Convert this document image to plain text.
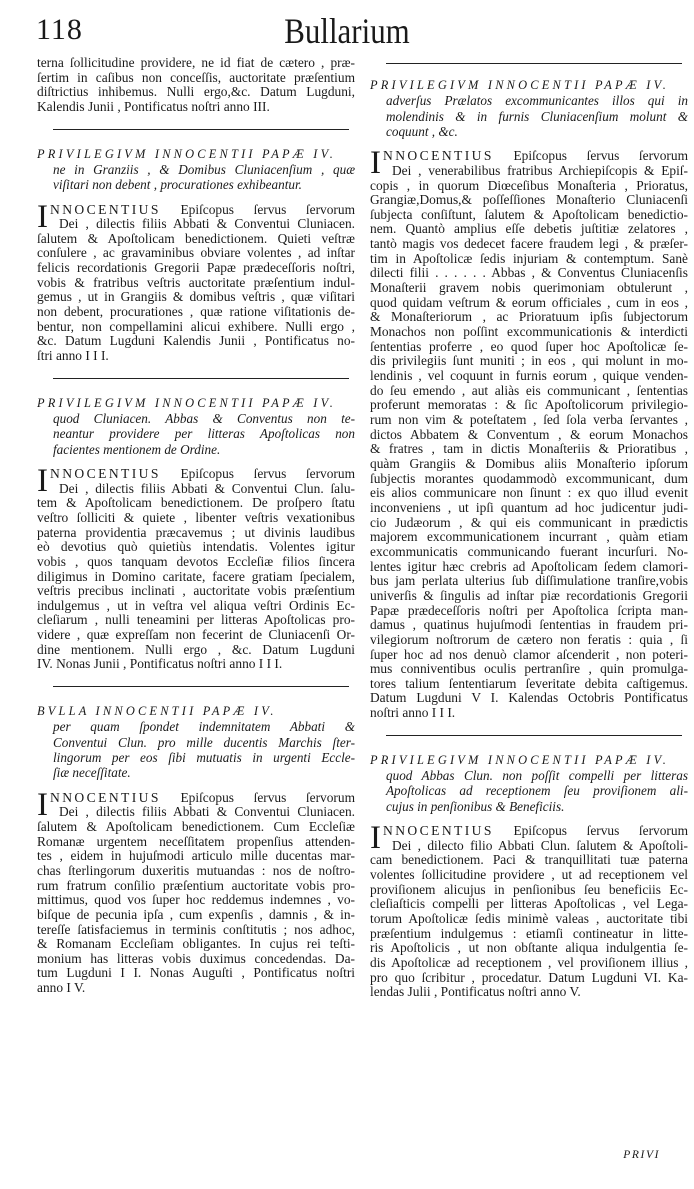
118	Bullarium
terna ſollicitudine providere, ne id fiat de cætero , præ-
ſertim in caſibus non conceſſis, auctoritate præſentium
diſtrictius inhibemus. Nulli ergo,&c. Datum Lugduni,
Kalendis Junii , Pontificatus noſtri anno III.
PRIVILEGIVM INNOCENTII PAPÆ IV.
ne in Granziis , & Domibus Cluniacenſium , quæ
viſitari non debent , procurationes exhibeantur.
INNOCENTIUS Epiſcopus ſervus ſervorum
Dei , dilectis filiis Abbati & Conventui Cluniacen.
ſalutem & Apoſtolicam benedictionem. Quieti veſtræ
conſulere , ac gravaminibus obviare volentes , ad inſtar
felicis recordationis Gregorii Papæ prædeceſſoris noſtri,
vobis & fratribus veſtris auctoritate præſentium indul-
gemus , ut in Grangiis & domibus veſtris , quæ viſitari
non debent, procurationes , quæ ratione viſitationis de-
bentur, non compellamini alicui exhibere. Nulli ergo ,
&c. Datum Lugduni Kalendis Junii , Pontificatus no-
ſtri anno I I I.
PRIVILEGIVM INNOCENTII PAPÆ IV.
quod Cluniacen. Abbas & Conventus non te-
neantur providere per litteras Apoſtolicas non
facientes mentionem de Ordine.
INNOCENTIUS Epiſcopus ſervus ſervorum
Dei , dilectis filiis Abbati & Conventui Clun. ſalu-
tem & Apoſtolicam benedictionem. De proſpero ſtatu
veſtro ſolliciti & quiete , libenter veſtris vexationibus
paterna providentia præcavemus ; ut divinis laudibus
eò devotius quò quietiùs intendatis. Volentes igitur
vobis , quos tanquam devotos Eccleſiæ filios ſincera
diligimus in Domino caritate, facere gratiam ſpecialem,
veſtris precibus inclinati , auctoritate vobis præſentium
indulgemus , ut in veſtra vel aliqua veſtri Ordinis Ec-
cleſiarum , nulli teneamini per litteras Apoſtolicas pro-
videre , quæ expreſſam non fecerint de Cluniacenſi Or-
dine mentionem. Nulli ergo , &c. Datum Lugduni
IV. Nonas Junii , Pontificatus noſtri anno I I I.
BVLLA INNOCENTII PAPÆ IV.
per quam ſpondet indemnitatem Abbati &
Conventui Clun. pro mille ducentis Marchis ſter-
lingorum per eos ſibi mutuatis in urgenti Eccle-
ſiæ neceſſitate.
INNOCENTIUS Epiſcopus ſervus ſervorum
Dei , dilectis filiis Abbati & Conventui Cluniacen.
ſalutem & Apoſtolicam benedictionem. Cum Eccleſiæ
Romanæ urgentem neceſſitatem propenſius attenden-
tes , eidem in hujuſmodi articulo mille ducentas mar-
chas ſterlingorum duxeritis mutuandas : nos de noſtro-
rum fratrum conſilio præſentium auctoritate vobis pro-
mittimus, quod vos ſuper hoc reddemus indemnes , vo-
biſque de pecunia ipſa , cum expenſis , damnis , & in-
tereſſe ſatisfaciemus in terminis conſtitutis ; nos adhoc,
& Romanam Eccleſiam obligantes. In cujus rei teſti-
monium has litteras vobis duximus concedendas. Da-
tum Lugduni I I. Nonas Auguſti , Pontificatus noſtri
anno I V.
PRIVILEGIVM INNOCENTII PAPÆ IV.
adverſus Prælatos excommunicantes illos qui in
molendinis & in furnis Cluniacenſium molunt &
coquunt , &c.
INNOCENTIUS Epiſcopus ſervus ſervorum
Dei , venerabilibus fratribus Archiepiſcopis & Epiſ-
copis , in quorum Diœceſibus Monaſteria , Prioratus,
Grangiæ,Domus,& poſſeſſiones Monaſterio Cluniacenſi
ſubjecta conſiſtunt, ſalutem & Apoſtolicam benedictio-
nem. Quantò amplius eſſe debetis juſtitiæ zelatores ,
tantò magis vos dedecet facere fraudem legi , & præſer-
tim in Apoſtolicæ ſedis injuriam & contemptum. Sanè
dilecti filii . . . . . . Abbas , & Conventus Cluniacenſis
Monaſterii gravem nobis querimoniam obtulerunt ,
quod quidam veſtrum & eorum officiales , cum in eos ,
& Monaſteriorum , ac Prioratuum ipſis ſubjectorum
Monachos non poſſint excommunicationis & interdicti
ſententias proferre , eo quod ſuper hoc Apoſtolicæ ſe-
dis privilegiis ſunt muniti ; in eos , qui molunt in mo-
lendinis , vel coquunt in furnis eorum , quique venden-
do ſeu emendo , aut aliàs eis communicant , ſententias
proferunt memoratas : & ſic Apoſtolicorum privilegio-
rum non vim & poteſtatem , ſed ſola verba ſervantes ,
dictos Abbatem & Conventum , & eorum Monachos
& fratres , tam in dictis Monaſteriis & Prioratibus ,
quàm Grangiis & Domibus aliis Monaſterio ipſorum
ſubjectis morantes quodammodò excommunicant, dum
eis alios communicare non ſinunt : ex quo illud evenit
inconveniens , ut ipſi quantum ad hoc judicentur judi-
cio Judæorum , & qui eis communicant in prædictis
majorem excommunicationem incurrant , quàm etiam
excommunicatis communicando fuerant incurſuri. No-
lentes igitur hæc crebris ad Apoſtolicam ſedem clamori-
bus jam perlata ulterius ſub diſſimulatione tranſire,vobis
univerſis & ſingulis ad inſtar piæ recordationis Gregorii
Papæ prædeceſſoris noſtri per Apoſtolica ſcripta man-
damus , quatinus hujuſmodi ſententias in fraudem pri-
vilegiorum noſtrorum de cætero non feratis : quia , ſi
ſuper hoc ad nos denuò clamor aſcenderit , non poteri-
mus conniventibus oculis pertranſire , quin promulga-
tores talium ſententiarum ſeveritate debita caſtigemus.
Datum Lugduni V I. Kalendas Octobris Pontificatus
noſtri anno I I I.
PRIVILEGIVM INNOCENTII PAPÆ IV.
quod Abbas Clun. non poſſit compelli per litteras
Apoſtolicas ad receptionem ſeu proviſionem ali-
cujus in penſionibus & Beneficiis.
INNOCENTIUS Epiſcopus ſervus ſervorum
Dei , dilecto filio Abbati Clun. ſalutem & Apoſtoli-
cam benedictionem. Paci & tranquillitati tuæ paterna
volentes ſollicitudine providere , ut ad receptionem vel
proviſionem alicujus in penſionibus ſeu beneficiis Ec-
cleſiaſticis compelli per litteras Apoſtolicas , vel Lega-
torum Apoſtolicæ ſedis minimè valeas , auctoritate tibi
præſentium indulgemus : etiamſi contineatur in litte-
ris Apoſtolicis , ut non obſtante aliqua indulgentia ſe-
dis Apoſtolicæ ad receptionem , vel proviſionem illius ,
pro quo ſcribitur , procedatur. Datum Lugduni VI. Ka-
lendas Julii , Pontificatus noſtri anno V.
PRIVI
